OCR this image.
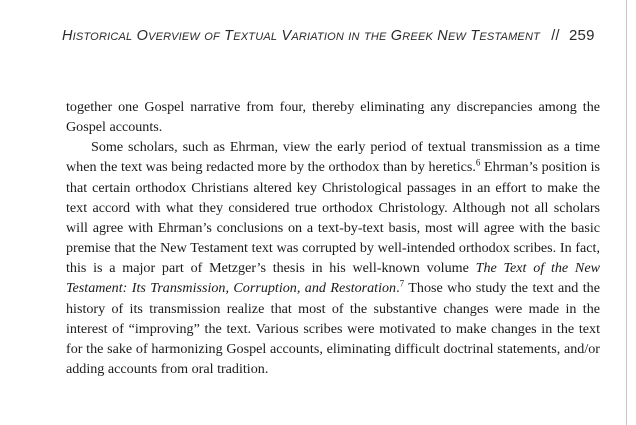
HISTORICAL OVERVIEW OF TEXTUAL VARIATION IN THE GREEK NEW TESTAMENT // 259

together one Gospel narrative from four, thereby eliminating any discrepancies among the Gospel accounts.

Some scholars, such as Ehrman, view the early period of textual transmission as a time when the text was being redacted more by the orthodox than by heretics.$^6$ Ehrman’s position is that certain orthodox Christians altered key Christological passages in an effort to make the text accord with what they considered true orthodox Christology. Although not all scholars will agree with Ehrman’s conclusions on a text-by-text basis, most will agree with the basic premise that the New Testament text was corrupted by well-intended orthodox scribes. In fact, this is a major part of Metzger’s thesis in his well-known volume The Text of the New Testament: Its Transmission, Corruption, and Restoration.$^7$ Those who study the text and the history of its transmission realize that most of the substantive changes were made in the interest of “improving” the text. Various scribes were motivated to make changes in the text for the sake of harmonizing Gospel accounts, eliminating difficult doctrinal statements, and/or adding accounts from oral tradition.
